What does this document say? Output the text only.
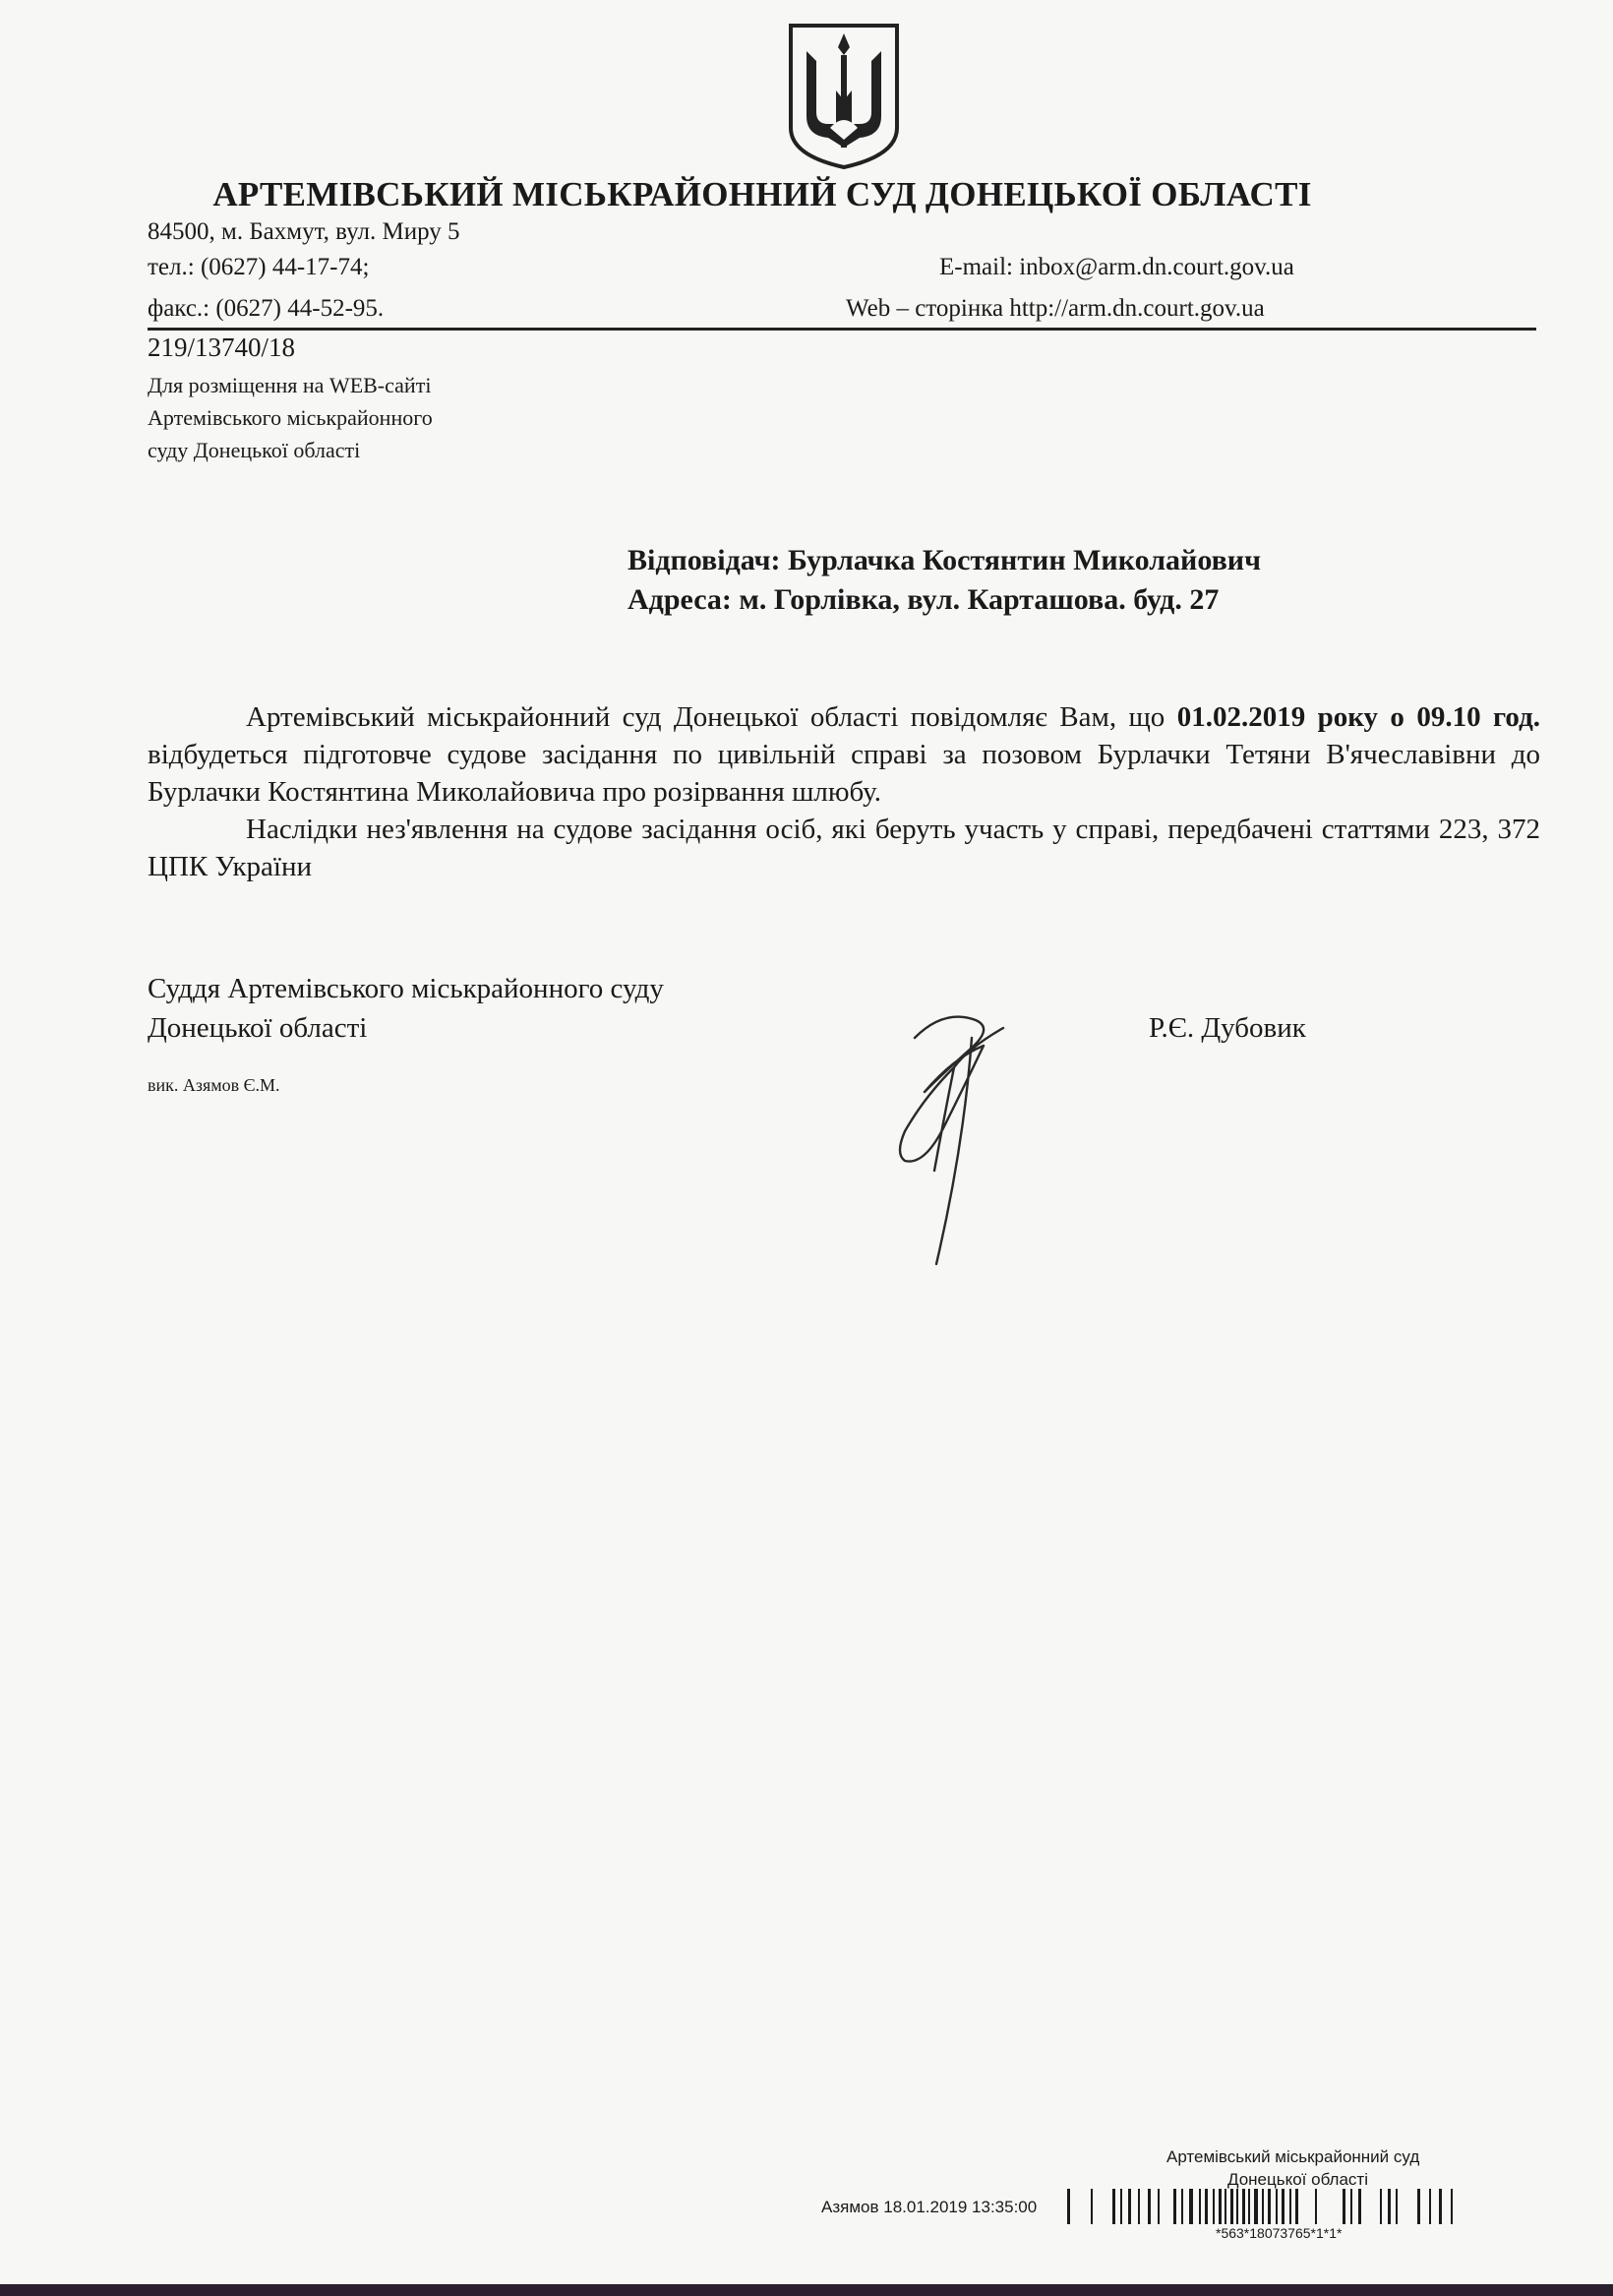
АРТЕМІВСЬКИЙ МІСЬКРАЙОННИЙ СУД ДОНЕЦЬКОЇ ОБЛАСТІ
84500, м. Бахмут, вул. Миру 5
тел.: (0627) 44-17-74;	E-mail: inbox@arm.dn.court.gov.ua
факс.: (0627) 44-52-95.	Web – сторінка http://arm.dn.court.gov.ua
219/13740/18
Для розміщення на WEB-сайті
Артемівського міськрайонного
суду Донецької області
Відповідач: Бурлачка Костянтин Миколайович
Адреса: м. Горлівка, вул. Карташова. буд. 27

Артемівський міськрайонний суд Донецької області повідомляє Вам, що 01.02.2019 року о 09.10 год. відбудеться підготовче судове засідання по цивільній справі за позовом Бурлачки Тетяни В'ячеславівни до Бурлачки Костянтина Миколайовича про розірвання шлюбу.

Наслідки нез'явлення на судове засідання осіб, які беруть участь у справі, передбачені статтями 223, 372 ЦПК України

Суддя Артемівського міськрайонного суду
Донецької області	Р.Є. Дубовик
вик. Азямов Є.М.
Артемівський міськрайонний суд
Донецької області
Азямов 18.01.2019 13:35:00
*563*18073765*1*1*
